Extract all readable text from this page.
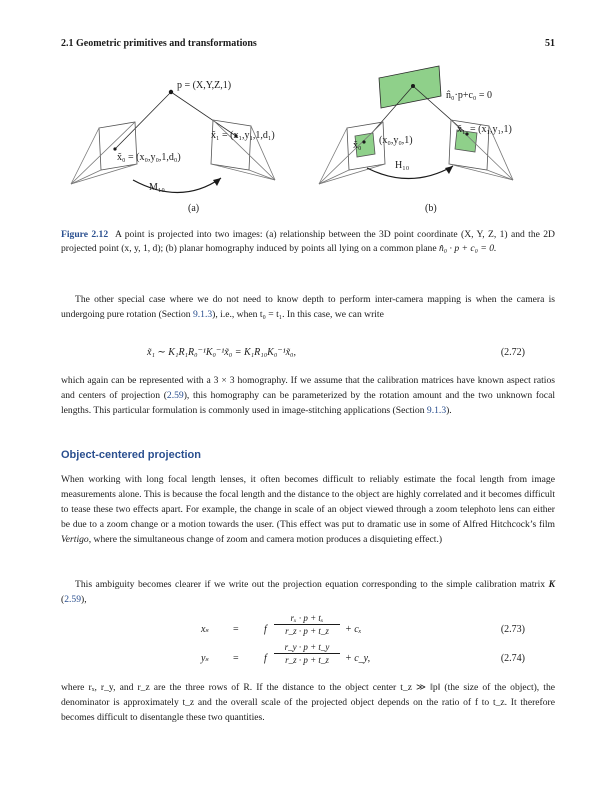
2.1 Geometric primitives and transformations	51
p = (X,Y,Z,1)
x̃₁ = (x₁,y₁,1,d₁)
x̃₀ = (x₀,y₀,1,d₀)
M₁₀
(a)
n̂₀·p+c₀ = 0
x̃₀ (x₀,y₀,1)
x̃₁ = (x₁,y₁,1)
H₁₀
(b)
Figure 2.12 A point is projected into two images: (a) relationship between the 3D point coordinate (X, Y, Z, 1) and the 2D projected point (x, y, 1, d); (b) planar homography induced by points all lying on a common plane n̂₀ · p + c₀ = 0.
The other special case where we do not need to know depth to perform inter-camera mapping is when the camera is undergoing pure rotation (Section 9.1.3), i.e., when t₀ = t₁. In this case, we can write
x̃₁ ∼ K₁R₁R₀⁻¹K₀⁻¹x̃₀ = K₁R₁₀K₀⁻¹x̃₀,	(2.72)
which again can be represented with a 3 × 3 homography. If we assume that the calibration matrices have known aspect ratios and centers of projection (2.59), this homography can be parameterized by the rotation amount and the two unknown focal lengths. This particular formulation is commonly used in image-stitching applications (Section 9.1.3).
Object-centered projection
When working with long focal length lenses, it often becomes difficult to reliably estimate the focal length from image measurements alone. This is because the focal length and the distance to the object are highly correlated and it becomes difficult to tease these two effects apart. For example, the change in scale of an object viewed through a zoom telephoto lens can either be due to a zoom change or a motion towards the user. (This effect was put to dramatic use in some of Alfred Hitchcock’s film Vertigo, where the simultaneous change of zoom and camera motion produces a disquieting effect.)
This ambiguity becomes clearer if we write out the projection equation corresponding to the simple calibration matrix K (2.59),
xₛ =	f $\frac{\text{rₓ · p + tₓ}}{r\_z \cdot p + t\_z} + c_x$	(2.73)
yₛ =	f $\frac{r\_y \cdot p + t\_y}{r\_z \cdot p + t\_z}$ + c_y,	(2.74)
where rₓ, r_y, and r_z are the three rows of R. If the distance to the object center t_z ≫ ‖p‖ (the size of the object), the denominator is approximately t_z and the overall scale of the projected object depends on the ratio of f to t_z. It therefore becomes difficult to disentangle these two quantities.
